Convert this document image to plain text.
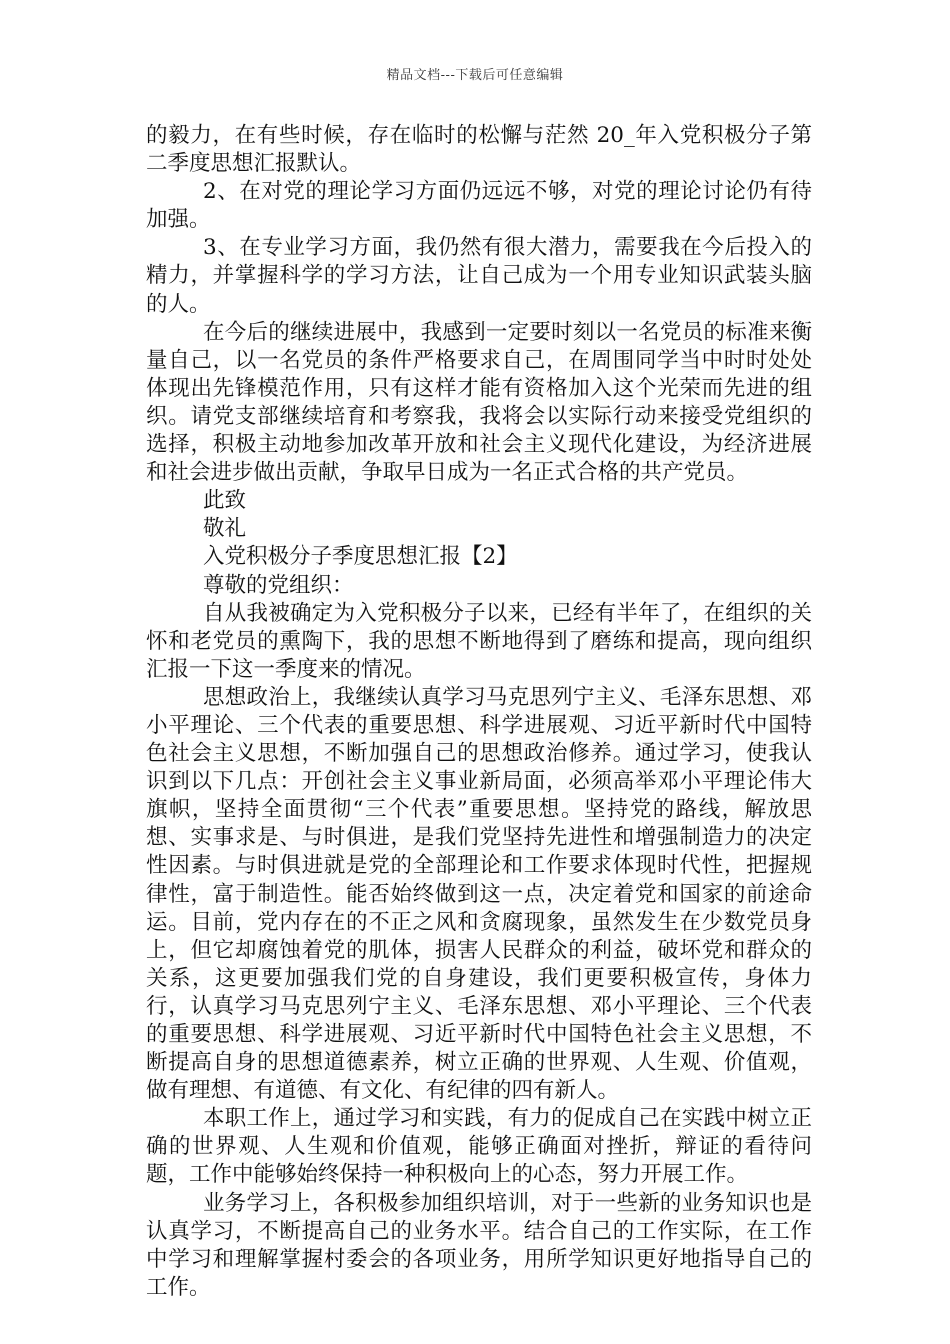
精品文档---下载后可任意编辑

的毅力，在有些时候，存在临时的松懈与茫然 20_年入党积极分子第二季度思想汇报默认。

2、在对党的理论学习方面仍远远不够，对党的理论讨论仍有待加强。

3、在专业学习方面，我仍然有很大潜力，需要我在今后投入的精力，并掌握科学的学习方法，让自己成为一个用专业知识武装头脑的人。

在今后的继续进展中，我感到一定要时刻以一名党员的标准来衡量自己，以一名党员的条件严格要求自己，在周围同学当中时时处处体现出先锋模范作用，只有这样才能有资格加入这个光荣而先进的组织。请党支部继续培育和考察我，我将会以实际行动来接受党组织的选择，积极主动地参加改革开放和社会主义现代化建设，为经济进展和社会进步做出贡献，争取早日成为一名正式合格的共产党员。

此致

敬礼

入党积极分子季度思想汇报【2】

尊敬的党组织：

自从我被确定为入党积极分子以来，已经有半年了，在组织的关怀和老党员的熏陶下，我的思想不断地得到了磨练和提高，现向组织汇报一下这一季度来的情况。

思想政治上，我继续认真学习马克思列宁主义、毛泽东思想、邓小平理论、三个代表的重要思想、科学进展观、习近平新时代中国特色社会主义思想，不断加强自己的思想政治修养。通过学习，使我认识到以下几点：开创社会主义事业新局面，必须高举邓小平理论伟大旗帜，坚持全面贯彻“三个代表”重要思想。坚持党的路线，解放思想、实事求是、与时俱进，是我们党坚持先进性和增强制造力的决定性因素。与时俱进就是党的全部理论和工作要求体现时代性，把握规律性，富于制造性。能否始终做到这一点，决定着党和国家的前途命运。目前，党内存在的不正之风和贪腐现象，虽然发生在少数党员身上，但它却腐蚀着党的肌体，损害人民群众的利益，破坏党和群众的关系，这更要加强我们党的自身建设，我们更要积极宣传，身体力行，认真学习马克思列宁主义、毛泽东思想、邓小平理论、三个代表的重要思想、科学进展观、习近平新时代中国特色社会主义思想，不断提高自身的思想道德素养，树立正确的世界观、人生观、价值观，做有理想、有道德、有文化、有纪律的四有新人。

本职工作上，通过学习和实践，有力的促成自己在实践中树立正确的世界观、人生观和价值观，能够正确面对挫折，辩证的看待问题，工作中能够始终保持一种积极向上的心态，努力开展工作。

业务学习上，各积极参加组织培训，对于一些新的业务知识也是认真学习，不断提高自己的业务水平。结合自己的工作实际，在工作中学习和理解掌握村委会的各项业务，用所学知识更好地指导自己的工作。
